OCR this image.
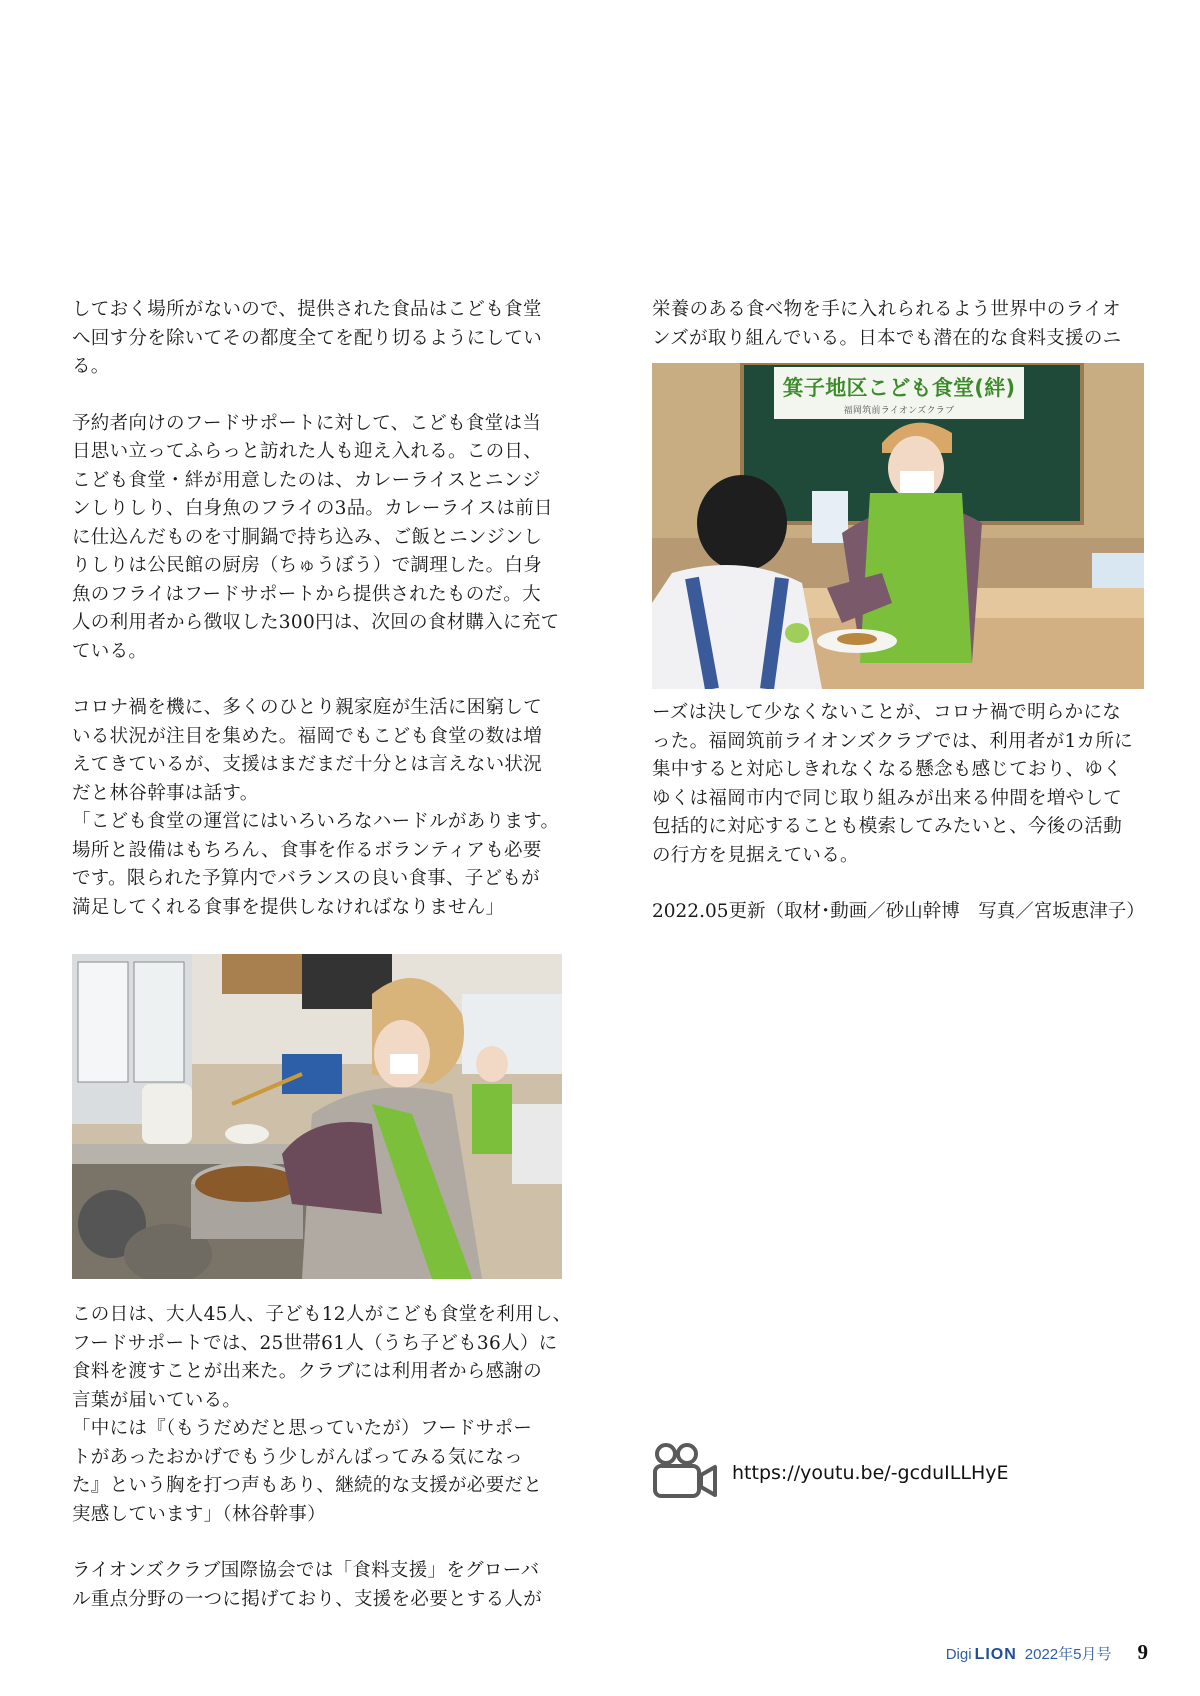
しておく場所がないので、提供された食品はこども食堂
へ回す分を除いてその都度全てを配り切るようにしてい
る。

予約者向けのフードサポートに対して、こども食堂は当
日思い立ってふらっと訪れた人も迎え入れる。この日、
こども食堂・絆が用意したのは、カレーライスとニンジ
ンしりしり、白身魚のフライの3品。カレーライスは前日
に仕込んだものを寸胴鍋で持ち込み、ご飯とニンジンし
りしりは公民館の厨房（ちゅうぼう）で調理した。白身
魚のフライはフードサポートから提供されたものだ。大
人の利用者から徴収した300円は、次回の食材購入に充て
ている。

コロナ禍を機に、多くのひとり親家庭が生活に困窮して
いる状況が注目を集めた。福岡でもこども食堂の数は増
えてきているが、支援はまだまだ十分とは言えない状況
だと林谷幹事は話す。
「こども食堂の運営にはいろいろなハードルがあります。
場所と設備はもちろん、食事を作るボランティアも必要
です。限られた予算内でバランスの良い食事、子どもが
満足してくれる食事を提供しなければなりません」

この日は、大人45人、子ども12人がこども食堂を利用し、
フードサポートでは、25世帯61人（うち子ども36人）に
食料を渡すことが出来た。クラブには利用者から感謝の
言葉が届いている。
「中には『（もうだめだと思っていたが）フードサポー
トがあったおかげでもう少しがんばってみる気になっ
た』という胸を打つ声もあり、継続的な支援が必要だと
実感しています」（林谷幹事）

ライオンズクラブ国際協会では「食料支援」をグローバ
ル重点分野の一つに掲げており、支援を必要とする人が

栄養のある食べ物を手に入れられるよう世界中のライオ
ンズが取り組んでいる。日本でも潜在的な食料支援のニ

箕子地区こども食堂(絆)
福岡筑前ライオンズクラブ

ーズは決して少なくないことが、コロナ禍で明らかにな
った。福岡筑前ライオンズクラブでは、利用者が1カ所に
集中すると対応しきれなくなる懸念も感じており、ゆく
ゆくは福岡市内で同じ取り組みが出来る仲間を増やして
包括的に対応することも模索してみたいと、今後の活動
の行方を見据えている。

2022.05更新（取材･動画／砂山幹博　写真／宮坂恵津子）

https://youtu.be/-gcduILLHyE
Digi LION 2022年5月号 9
